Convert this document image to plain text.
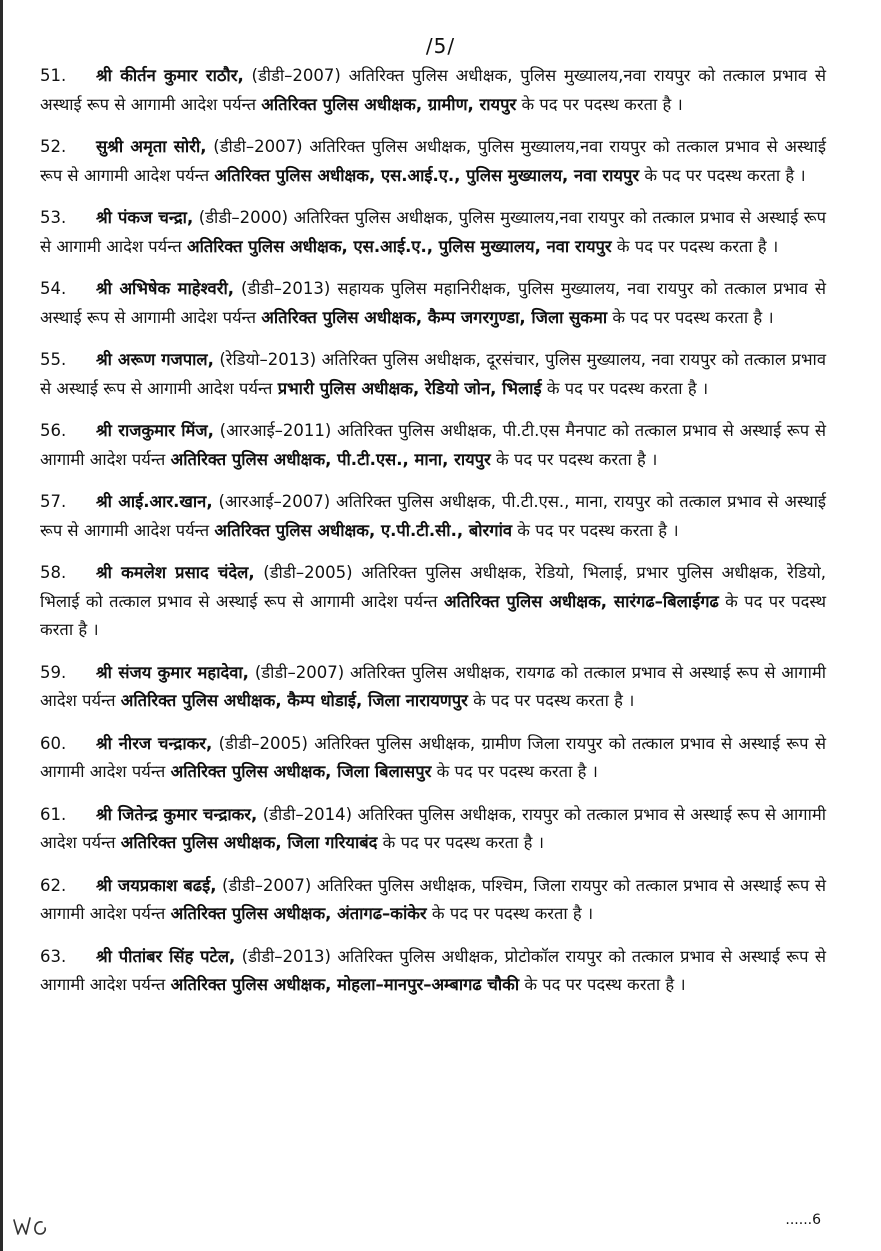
/5/

51. श्री कीर्तन कुमार राठौर, (डीडी–2007) अतिरिक्त पुलिस अधीक्षक, पुलिस मुख्यालय,नवा रायपुर को तत्काल प्रभाव से अस्थाई रूप से आगामी आदेश पर्यन्त अतिरिक्त पुलिस अधीक्षक, ग्रामीण, रायपुर के पद पर पदस्थ करता है ।

52. सुश्री अमृता सोरी, (डीडी–2007) अतिरिक्त पुलिस अधीक्षक, पुलिस मुख्यालय,नवा रायपुर को तत्काल प्रभाव से अस्थाई रूप से आगामी आदेश पर्यन्त अतिरिक्त पुलिस अधीक्षक, एस.आई.ए., पुलिस मुख्यालय, नवा रायपुर के पद पर पदस्थ करता है ।

53. श्री पंकज चन्द्रा, (डीडी–2000) अतिरिक्त पुलिस अधीक्षक, पुलिस मुख्यालय,नवा रायपुर को तत्काल प्रभाव से अस्थाई रूप से आगामी आदेश पर्यन्त अतिरिक्त पुलिस अधीक्षक, एस.आई.ए., पुलिस मुख्यालय, नवा रायपुर के पद पर पदस्थ करता है ।

54. श्री अभिषेक माहेश्वरी, (डीडी–2013) सहायक पुलिस महानिरीक्षक, पुलिस मुख्यालय, नवा रायपुर को तत्काल प्रभाव से अस्थाई रूप से आगामी आदेश पर्यन्त अतिरिक्त पुलिस अधीक्षक, कैम्प जगरगुण्डा, जिला सुकमा के पद पर पदस्थ करता है ।

55. श्री अरूण गजपाल, (रेडियो–2013) अतिरिक्त पुलिस अधीक्षक, दूरसंचार, पुलिस मुख्यालय, नवा रायपुर को तत्काल प्रभाव से अस्थाई रूप से आगामी आदेश पर्यन्त प्रभारी पुलिस अधीक्षक, रेडियो जोन, भिलाई के पद पर पदस्थ करता है ।

56. श्री राजकुमार मिंज, (आरआई–2011) अतिरिक्त पुलिस अधीक्षक, पी.टी.एस मैनपाट को तत्काल प्रभाव से अस्थाई रूप से आगामी आदेश पर्यन्त अतिरिक्त पुलिस अधीक्षक, पी.टी.एस., माना, रायपुर के पद पर पदस्थ करता है ।

57. श्री आई.आर.खान, (आरआई–2007) अतिरिक्त पुलिस अधीक्षक, पी.टी.एस., माना, रायपुर को तत्काल प्रभाव से अस्थाई रूप से आगामी आदेश पर्यन्त अतिरिक्त पुलिस अधीक्षक, ए.पी.टी.सी., बोरगांव के पद पर पदस्थ करता है ।

58. श्री कमलेश प्रसाद चंदेल, (डीडी–2005) अतिरिक्त पुलिस अधीक्षक, रेडियो, भिलाई, प्रभार पुलिस अधीक्षक, रेडियो, भिलाई को तत्काल प्रभाव से अस्थाई रूप से आगामी आदेश पर्यन्त अतिरिक्त पुलिस अधीक्षक, सारंगढ–बिलाईगढ के पद पर पदस्थ करता है ।

59. श्री संजय कुमार महादेवा, (डीडी–2007) अतिरिक्त पुलिस अधीक्षक, रायगढ को तत्काल प्रभाव से अस्थाई रूप से आगामी आदेश पर्यन्त अतिरिक्त पुलिस अधीक्षक, कैम्प धोडाई, जिला नारायणपुर के पद पर पदस्थ करता है ।

60. श्री नीरज चन्द्राकर, (डीडी–2005) अतिरिक्त पुलिस अधीक्षक, ग्रामीण जिला रायपुर को तत्काल प्रभाव से अस्थाई रूप से आगामी आदेश पर्यन्त अतिरिक्त पुलिस अधीक्षक, जिला बिलासपुर के पद पर पदस्थ करता है ।

61. श्री जितेन्द्र कुमार चन्द्राकर, (डीडी–2014) अतिरिक्त पुलिस अधीक्षक, रायपुर को तत्काल प्रभाव से अस्थाई रूप से आगामी आदेश पर्यन्त अतिरिक्त पुलिस अधीक्षक, जिला गरियाबंद के पद पर पदस्थ करता है ।

62. श्री जयप्रकाश बढई, (डीडी–2007) अतिरिक्त पुलिस अधीक्षक, पश्चिम, जिला रायपुर को तत्काल प्रभाव से अस्थाई रूप से आगामी आदेश पर्यन्त अतिरिक्त पुलिस अधीक्षक, अंतागढ–कांकेर के पद पर पदस्थ करता है ।

63. श्री पीतांबर सिंह पटेल, (डीडी–2013) अतिरिक्त पुलिस अधीक्षक, प्रोटोकॉल रायपुर को तत्काल प्रभाव से अस्थाई रूप से आगामी आदेश पर्यन्त अतिरिक्त पुलिस अधीक्षक, मोहला–मानपुर–अम्बागढ चौकी के पद पर पदस्थ करता है ।

......6
